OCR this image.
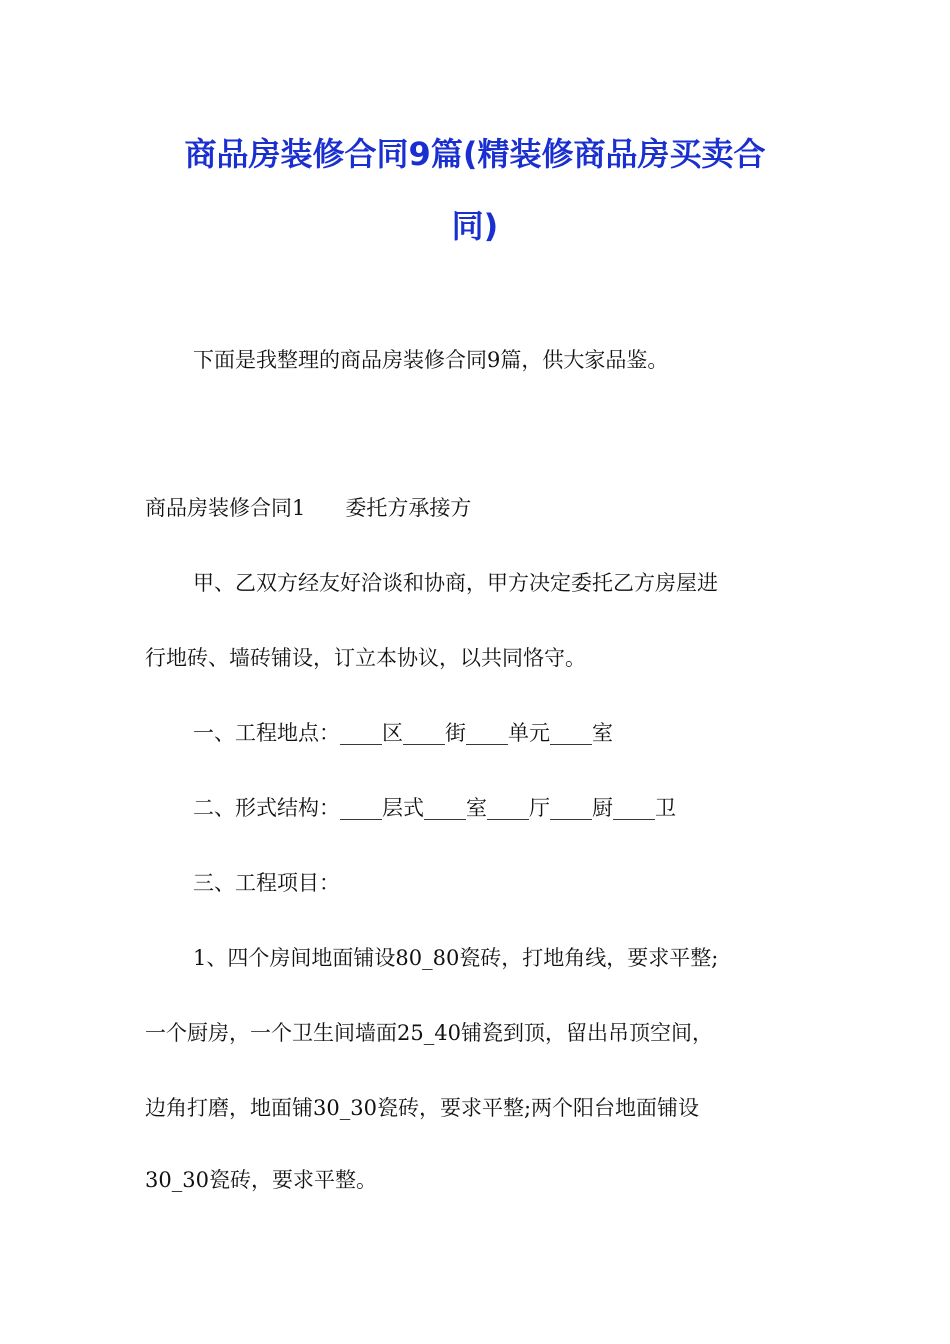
商品房装修合同9篇(精装修商品房买卖合
同)

下面是我整理的商品房装修合同9篇，供大家品鉴。

商品房装修合同1      委托方承接方

甲、乙双方经友好洽谈和协商，甲方决定委托乙方房屋进

行地砖、墙砖铺设，订立本协议，以共同恪守。

一、工程地点：____区____街____单元____室

二、形式结构：____层式____室____厅____厨____卫

三、工程项目：

1、四个房间地面铺设80_80瓷砖，打地角线，要求平整;

一个厨房，一个卫生间墙面25_40铺瓷到顶，留出吊顶空间，

边角打磨，地面铺30_30瓷砖，要求平整;两个阳台地面铺设

30_30瓷砖，要求平整。
